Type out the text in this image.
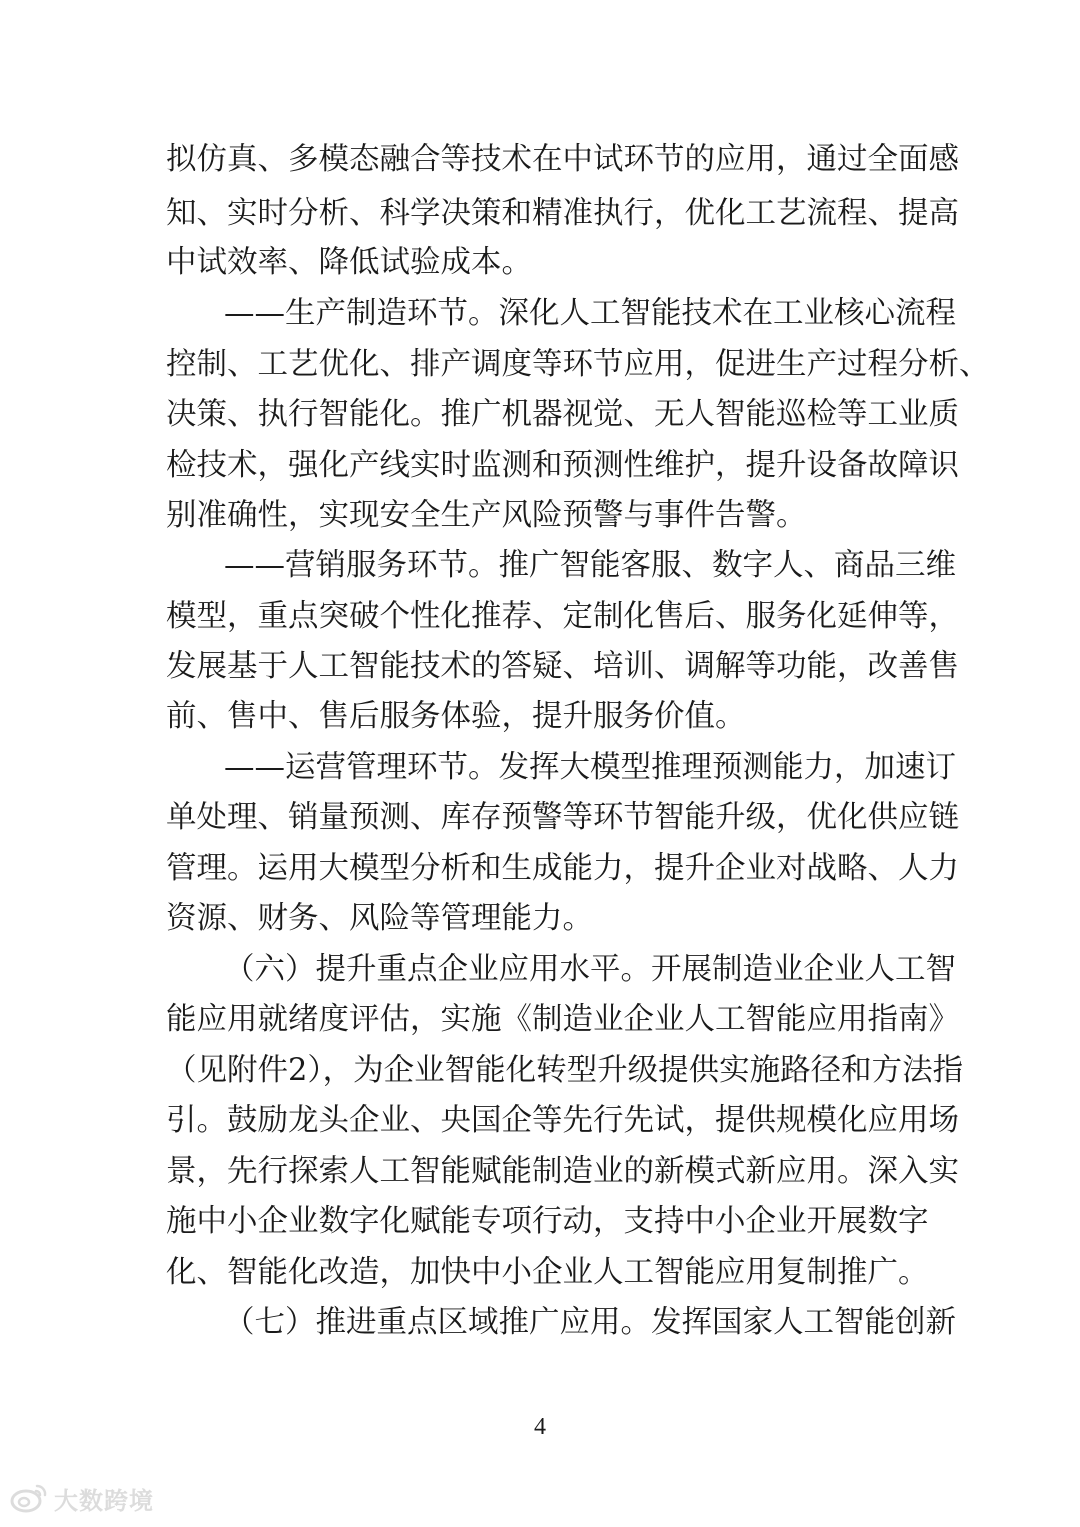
拟仿真、多模态融合等技术在中试环节的应用，通过全面感
知、实时分析、科学决策和精准执行，优化工艺流程、提高
中试效率、降低试验成本。
——生产制造环节。深化人工智能技术在工业核心流程
控制、工艺优化、排产调度等环节应用，促进生产过程分析、
决策、执行智能化。推广机器视觉、无人智能巡检等工业质
检技术，强化产线实时监测和预测性维护，提升设备故障识
别准确性，实现安全生产风险预警与事件告警。
——营销服务环节。推广智能客服、数字人、商品三维
模型，重点突破个性化推荐、定制化售后、服务化延伸等，
发展基于人工智能技术的答疑、培训、调解等功能，改善售
前、售中、售后服务体验，提升服务价值。
——运营管理环节。发挥大模型推理预测能力，加速订
单处理、销量预测、库存预警等环节智能升级，优化供应链
管理。运用大模型分析和生成能力，提升企业对战略、人力
资源、财务、风险等管理能力。
（六）提升重点企业应用水平。开展制造业企业人工智
能应用就绪度评估，实施《制造业企业人工智能应用指南》
（见附件2），为企业智能化转型升级提供实施路径和方法指
引。鼓励龙头企业、央国企等先行先试，提供规模化应用场
景，先行探索人工智能赋能制造业的新模式新应用。深入实
施中小企业数字化赋能专项行动，支持中小企业开展数字
化、智能化改造，加快中小企业人工智能应用复制推广。
（七）推进重点区域推广应用。发挥国家人工智能创新
4
大数跨境
